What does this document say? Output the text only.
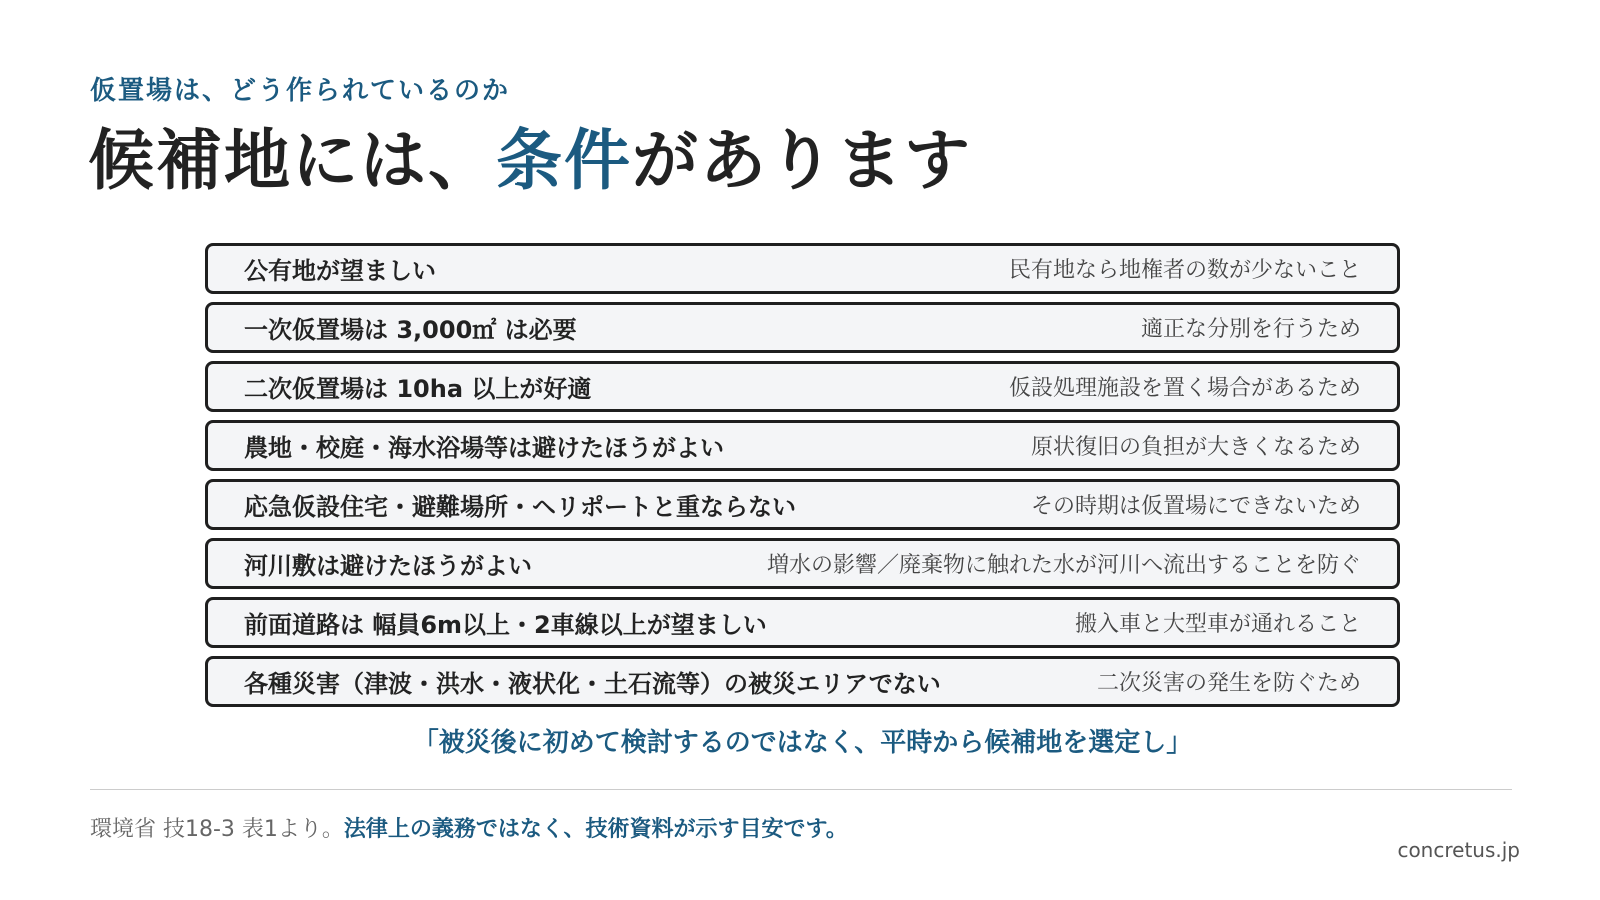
仮置場は、どう作られているのか
候補地には、条件があります
公有地が望ましい	民有地なら地権者の数が少ないこと
一次仮置場は 3,000㎡ は必要	適正な分別を行うため
二次仮置場は 10ha 以上が好適	仮設処理施設を置く場合があるため
農地・校庭・海水浴場等は避けたほうがよい	原状復旧の負担が大きくなるため
応急仮設住宅・避難場所・ヘリポートと重ならない	その時期は仮置場にできないため
河川敷は避けたほうがよい	増水の影響／廃棄物に触れた水が河川へ流出することを防ぐ
前面道路は 幅員6m以上・2車線以上が望ましい	搬入車と大型車が通れること
各種災害（津波・洪水・液状化・土石流等）の被災エリアでない	二次災害の発生を防ぐため
「被災後に初めて検討するのではなく、平時から候補地を選定し」
環境省 技18-3 表1より。法律上の義務ではなく、技術資料が示す目安です。
concretus.jp
